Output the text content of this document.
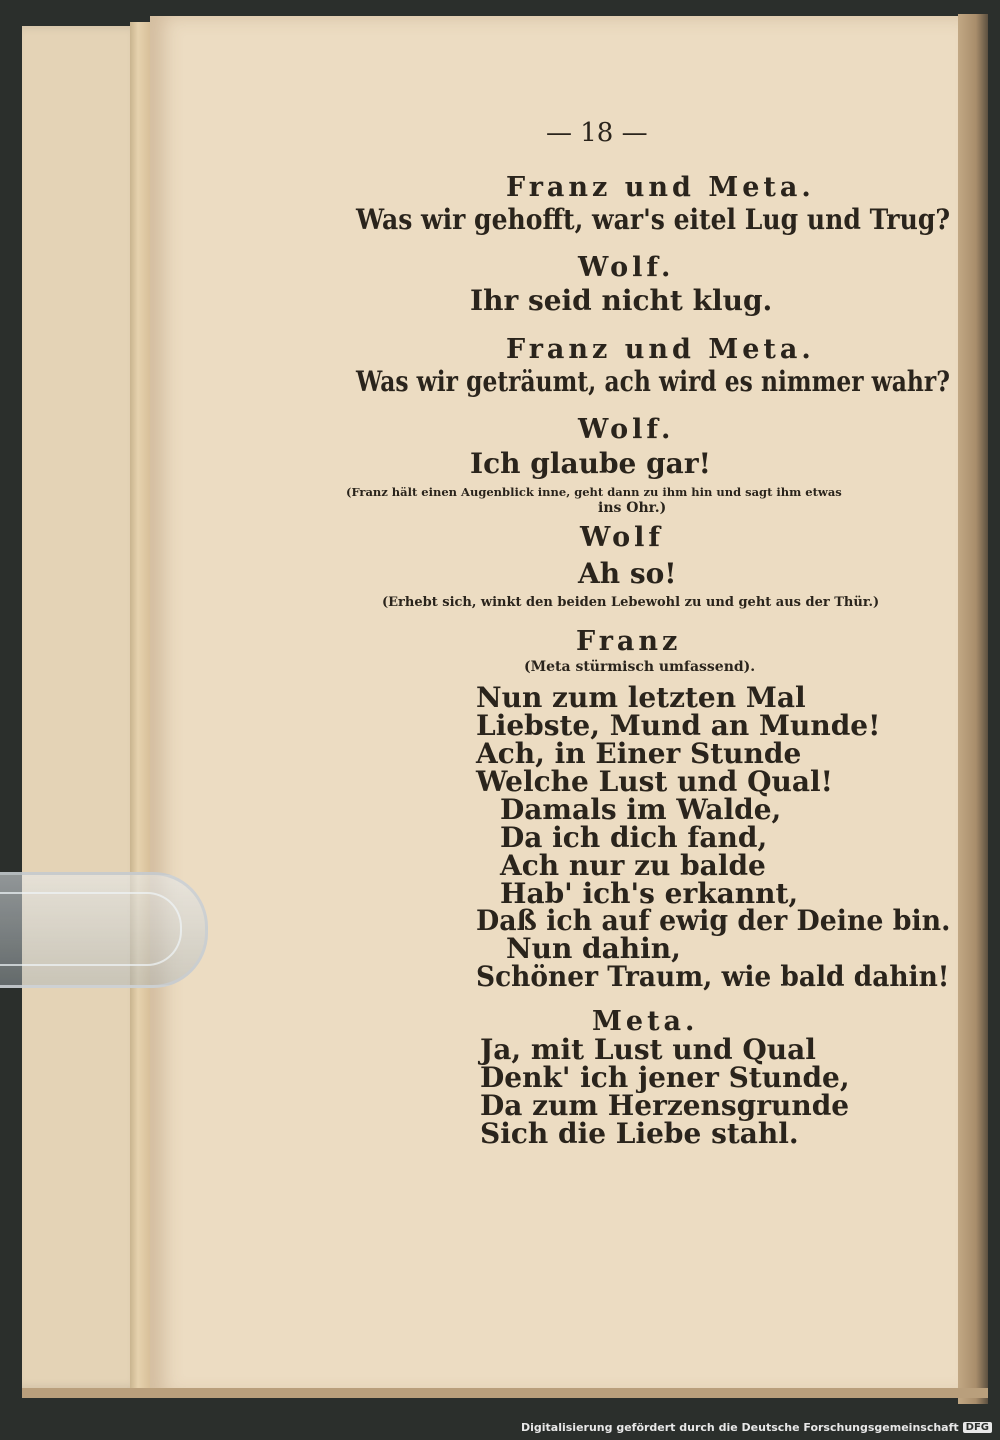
— 18 —
Franz und Meta.
Was wir gehofft, war's eitel Lug und Trug?
Wolf.
Ihr seid nicht klug.
Franz und Meta.
Was wir geträumt, ach wird es nimmer wahr?
Wolf.
Ich glaube gar!
(Franz hält einen Augenblick inne, geht dann zu ihm hin und sagt ihm etwas
ins Ohr.)
Wolf
Ah so!
(Erhebt sich, winkt den beiden Lebewohl zu und geht aus der Thür.)
Franz
(Meta stürmisch umfassend).
Nun zum letzten Mal
Liebste, Mund an Munde!
Ach, in Einer Stunde
Welche Lust und Qual!
Damals im Walde,
Da ich dich fand,
Ach nur zu balde
Hab' ich's erkannt,
Daß ich auf ewig der Deine bin.
Nun dahin,
Schöner Traum, wie bald dahin!
Meta.
Ja, mit Lust und Qual
Denk' ich jener Stunde,
Da zum Herzensgrunde
Sich die Liebe stahl.
Digitalisierung gefördert durch die Deutsche Forschungsgemeinschaft DFG
